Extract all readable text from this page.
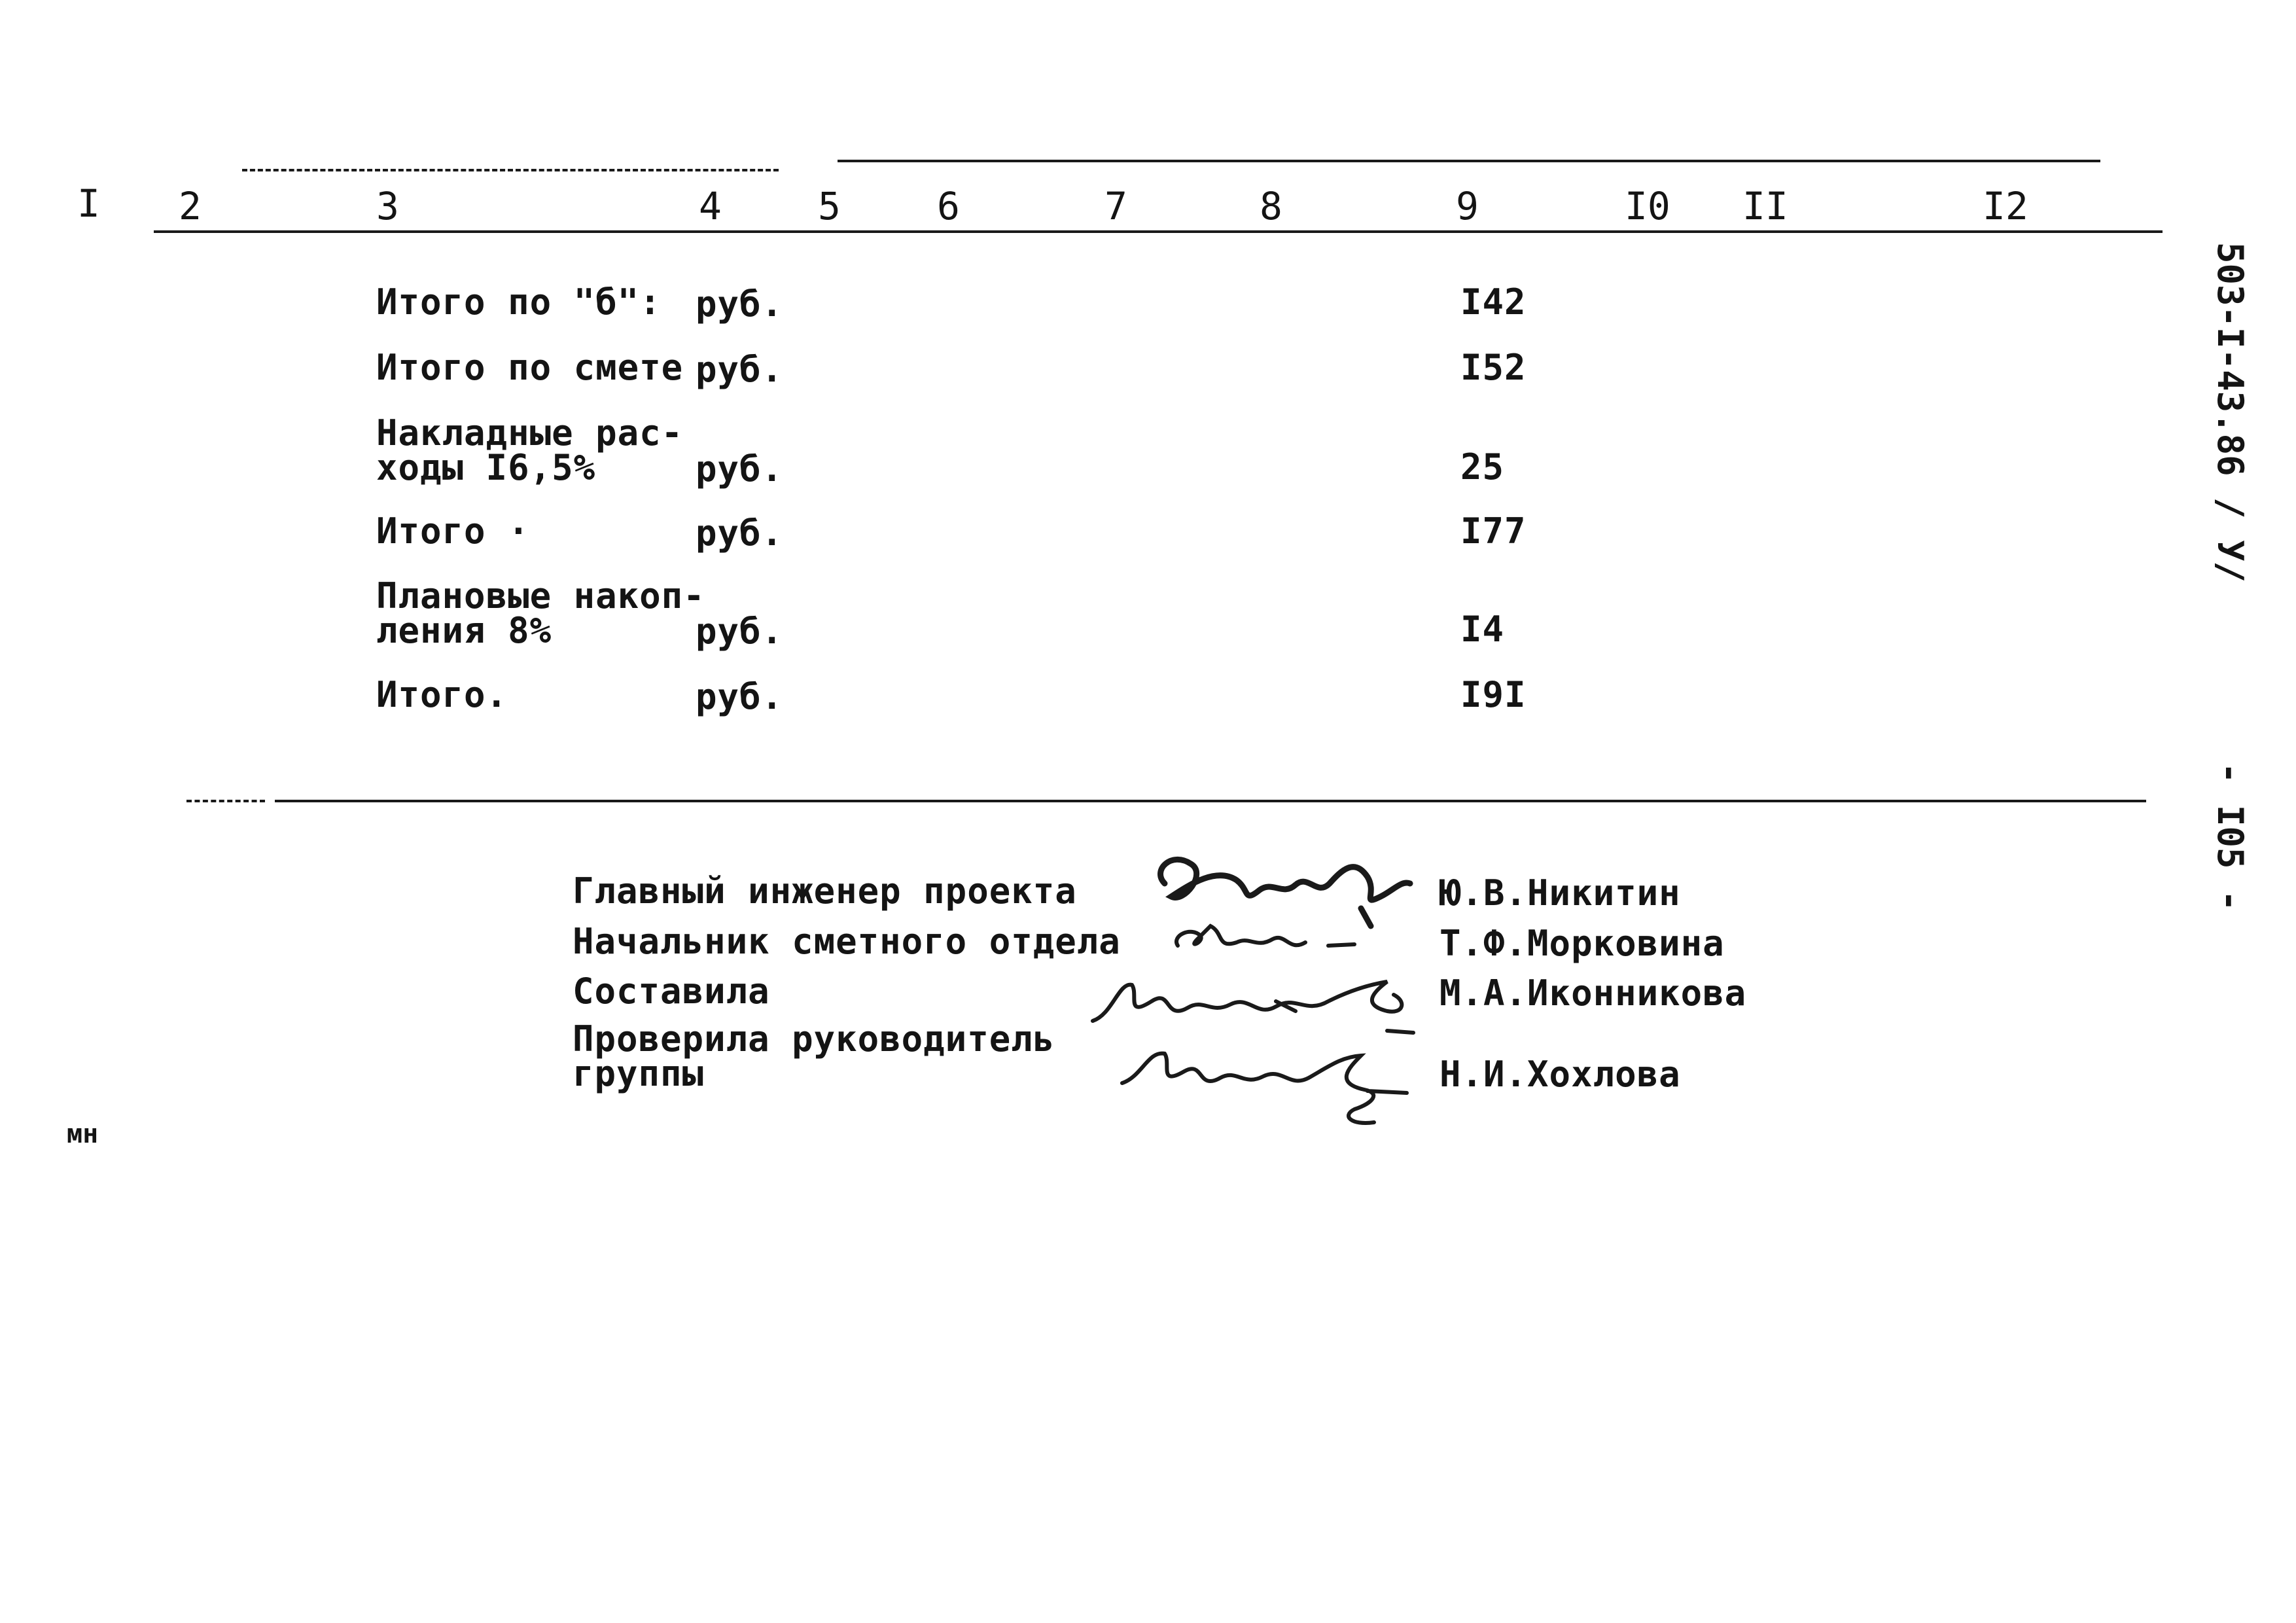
I 2	3	4	5	6	7	8	9	I0 II	I2
Итого по "б": руб.	I42
Итого по смете руб.	I52
Накладные рас-
ходы I6,5%	руб.	25
Итого ·	руб.	I77
Плановые накоп-
ления 8%	руб.	I4
Итого.	руб.	I9I
503-I-43.86 / У/
- I05 -
Главный инженер проекта	Ю.В.Никитин
Начальник сметного отдела	Т.Ф.Морковина
Составила	М.А.Иконникова
Проверила руководитель
группы	Н.И.Хохлова
мн
